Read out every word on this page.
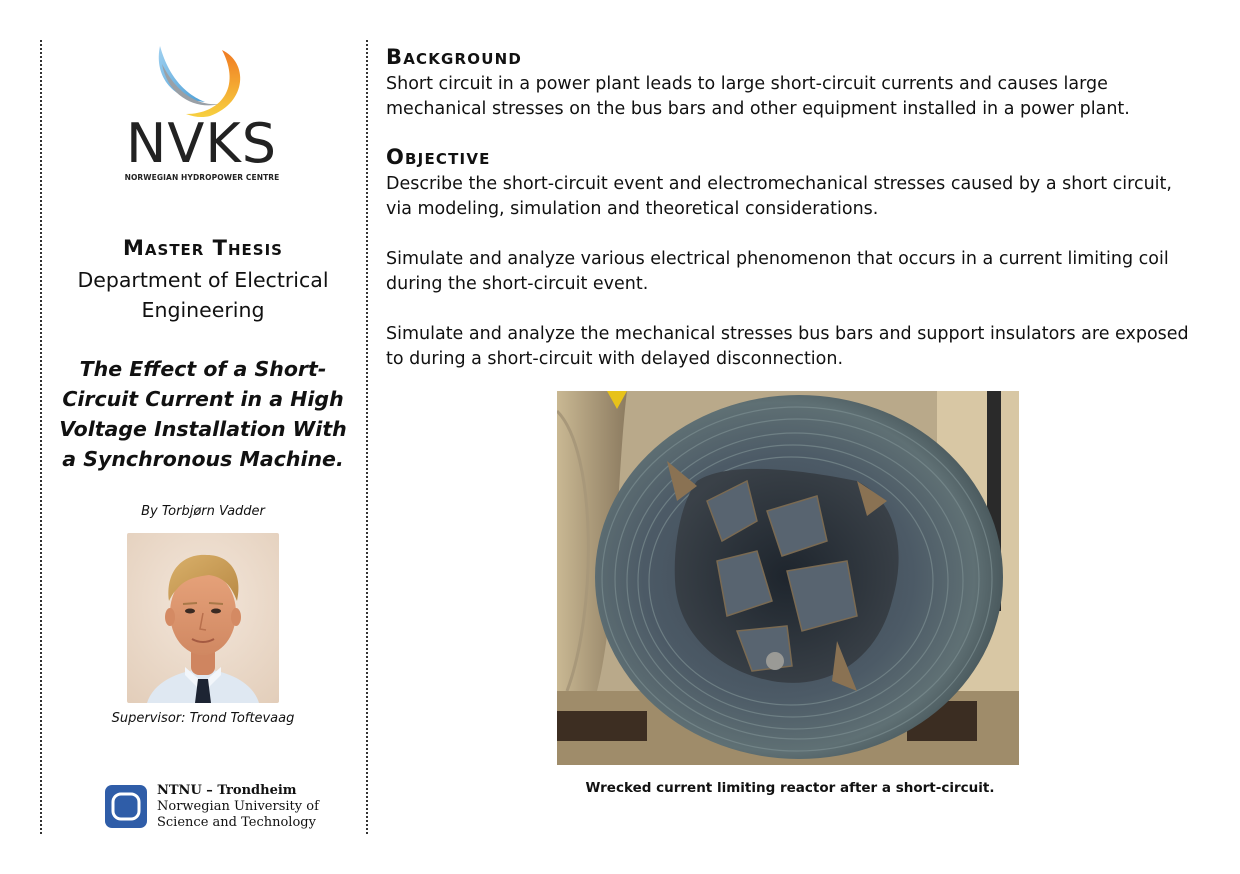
NVKS
NORWEGIAN HYDROPOWER CENTRE
Master Thesis
Department of Electrical Engineering
The Effect of a Short-Circuit Current in a High Voltage Installation With a Synchronous Machine.
By Torbjørn Vadder
Supervisor: Trond Toftevaag
NTNU – Trondheim
Norwegian University of
Science and Technology
Background

Short circuit in a power plant leads to large short-circuit currents and causes large mechanical stresses on the bus bars and other equipment installed in a power plant.

Objective

Describe the short-circuit event and electromechanical stresses caused by a short circuit, via modeling, simulation and theoretical considerations.

Simulate and analyze various electrical phenomenon that occurs in a current limiting coil during the short-circuit event.

Simulate and analyze the mechanical stresses bus bars and support insulators are exposed to during a short-circuit with delayed disconnection.

Wrecked current limiting reactor after a short-circuit.
